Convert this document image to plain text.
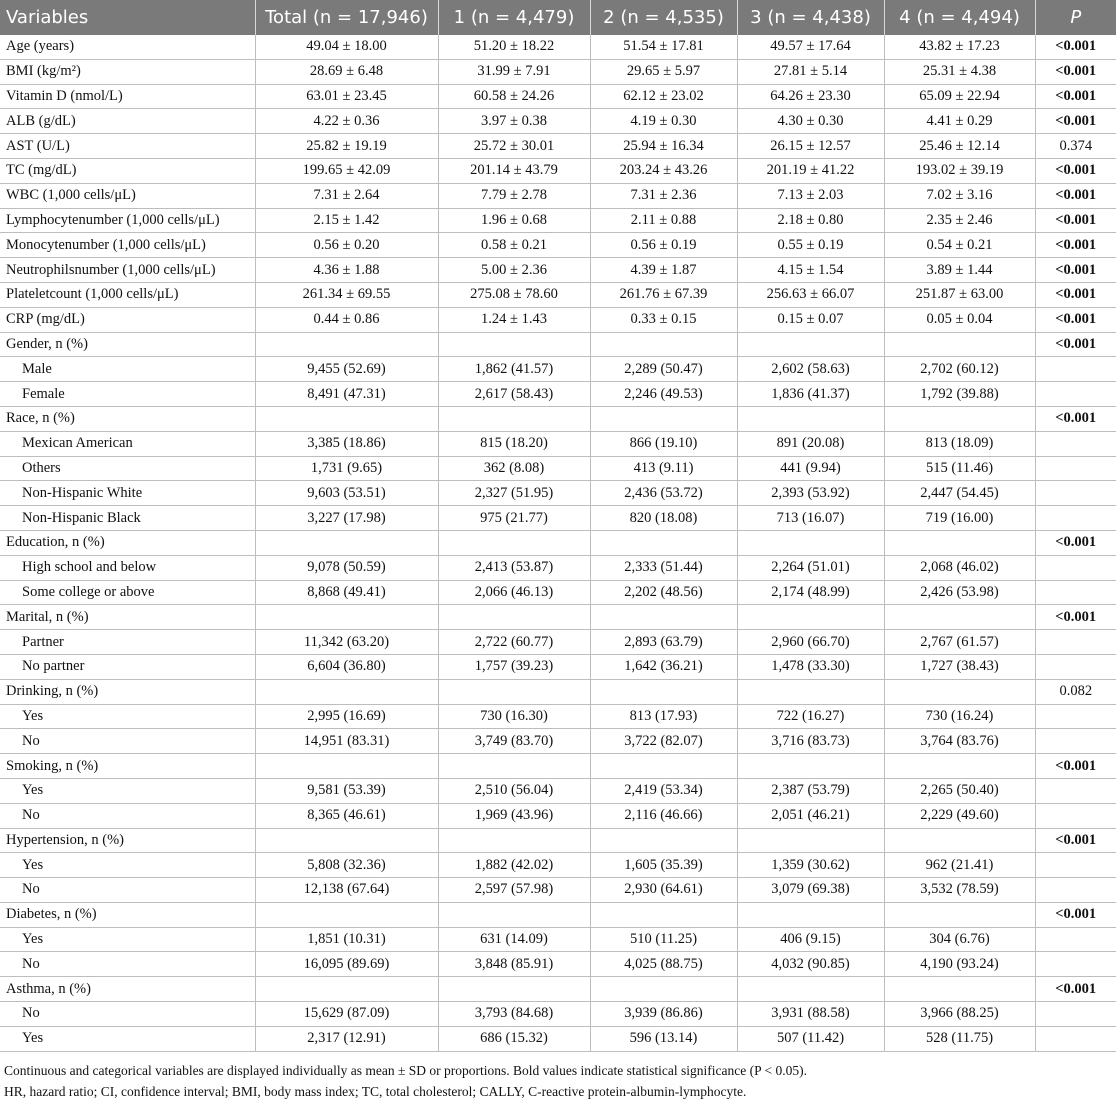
Variables	Total (n = 17,946)	1 (n = 4,479)	2 (n = 4,535)	3 (n = 4,438)	4 (n = 4,494)	P
Age (years)	49.04 ± 18.00	51.20 ± 18.22	51.54 ± 17.81	49.57 ± 17.64	43.82 ± 17.23	<0.001
BMI (kg/m²)	28.69 ± 6.48	31.99 ± 7.91	29.65 ± 5.97	27.81 ± 5.14	25.31 ± 4.38	<0.001
Vitamin D (nmol/L)	63.01 ± 23.45	60.58 ± 24.26	62.12 ± 23.02	64.26 ± 23.30	65.09 ± 22.94	<0.001
ALB (g/dL)	4.22 ± 0.36	3.97 ± 0.38	4.19 ± 0.30	4.30 ± 0.30	4.41 ± 0.29	<0.001
AST (U/L)	25.82 ± 19.19	25.72 ± 30.01	25.94 ± 16.34	26.15 ± 12.57	25.46 ± 12.14	0.374
TC (mg/dL)	199.65 ± 42.09	201.14 ± 43.79	203.24 ± 43.26	201.19 ± 41.22	193.02 ± 39.19	<0.001
WBC (1,000 cells/μL)	7.31 ± 2.64	7.79 ± 2.78	7.31 ± 2.36	7.13 ± 2.03	7.02 ± 3.16	<0.001
Lymphocytenumber (1,000 cells/μL)	2.15 ± 1.42	1.96 ± 0.68	2.11 ± 0.88	2.18 ± 0.80	2.35 ± 2.46	<0.001
Monocytenumber (1,000 cells/μL)	0.56 ± 0.20	0.58 ± 0.21	0.56 ± 0.19	0.55 ± 0.19	0.54 ± 0.21	<0.001
Neutrophilsnumber (1,000 cells/μL)	4.36 ± 1.88	5.00 ± 2.36	4.39 ± 1.87	4.15 ± 1.54	3.89 ± 1.44	<0.001
Plateletcount (1,000 cells/μL)	261.34 ± 69.55	275.08 ± 78.60	261.76 ± 67.39	256.63 ± 66.07	251.87 ± 63.00	<0.001
CRP (mg/dL)	0.44 ± 0.86	1.24 ± 1.43	0.33 ± 0.15	0.15 ± 0.07	0.05 ± 0.04	<0.001
Gender, n (%)						<0.001
Male	9,455 (52.69)	1,862 (41.57)	2,289 (50.47)	2,602 (58.63)	2,702 (60.12)	
Female	8,491 (47.31)	2,617 (58.43)	2,246 (49.53)	1,836 (41.37)	1,792 (39.88)	
Race, n (%)						<0.001
Mexican American	3,385 (18.86)	815 (18.20)	866 (19.10)	891 (20.08)	813 (18.09)	
Others	1,731 (9.65)	362 (8.08)	413 (9.11)	441 (9.94)	515 (11.46)	
Non-Hispanic White	9,603 (53.51)	2,327 (51.95)	2,436 (53.72)	2,393 (53.92)	2,447 (54.45)	
Non-Hispanic Black	3,227 (17.98)	975 (21.77)	820 (18.08)	713 (16.07)	719 (16.00)	
Education, n (%)						<0.001
High school and below	9,078 (50.59)	2,413 (53.87)	2,333 (51.44)	2,264 (51.01)	2,068 (46.02)	
Some college or above	8,868 (49.41)	2,066 (46.13)	2,202 (48.56)	2,174 (48.99)	2,426 (53.98)	
Marital, n (%)						<0.001
Partner	11,342 (63.20)	2,722 (60.77)	2,893 (63.79)	2,960 (66.70)	2,767 (61.57)	
No partner	6,604 (36.80)	1,757 (39.23)	1,642 (36.21)	1,478 (33.30)	1,727 (38.43)	
Drinking, n (%)						0.082
Yes	2,995 (16.69)	730 (16.30)	813 (17.93)	722 (16.27)	730 (16.24)	
No	14,951 (83.31)	3,749 (83.70)	3,722 (82.07)	3,716 (83.73)	3,764 (83.76)	
Smoking, n (%)						<0.001
Yes	9,581 (53.39)	2,510 (56.04)	2,419 (53.34)	2,387 (53.79)	2,265 (50.40)	
No	8,365 (46.61)	1,969 (43.96)	2,116 (46.66)	2,051 (46.21)	2,229 (49.60)	
Hypertension, n (%)						<0.001
Yes	5,808 (32.36)	1,882 (42.02)	1,605 (35.39)	1,359 (30.62)	962 (21.41)	
No	12,138 (67.64)	2,597 (57.98)	2,930 (64.61)	3,079 (69.38)	3,532 (78.59)	
Diabetes, n (%)						<0.001
Yes	1,851 (10.31)	631 (14.09)	510 (11.25)	406 (9.15)	304 (6.76)	
No	16,095 (89.69)	3,848 (85.91)	4,025 (88.75)	4,032 (90.85)	4,190 (93.24)	
Asthma, n (%)						<0.001
No	15,629 (87.09)	3,793 (84.68)	3,939 (86.86)	3,931 (88.58)	3,966 (88.25)	
Yes	2,317 (12.91)	686 (15.32)	596 (13.14)	507 (11.42)	528 (11.75)	
Continuous and categorical variables are displayed individually as mean ± SD or proportions. Bold values indicate statistical significance (P < 0.05).
HR, hazard ratio; CI, confidence interval; BMI, body mass index; TC, total cholesterol; CALLY, C-reactive protein-albumin-lymphocyte.
